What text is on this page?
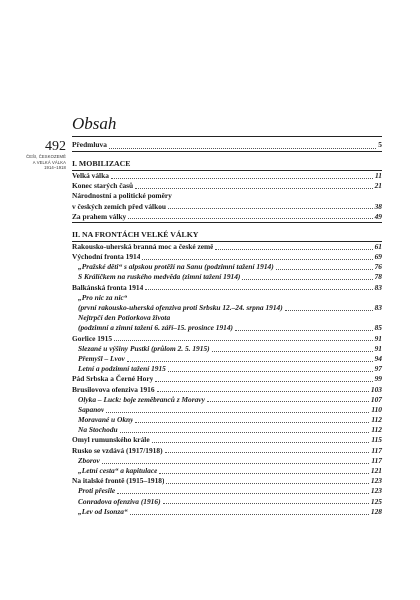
Obsah
492
ČEŠI, ČESKOZEMĚ
A VELKÁ VÁLKA
1914–1918
Předmluva	5
I. MOBILIZACE
Velká válka	11
Konec starých časů	21
Národnostní a politické poměry
v českých zemích před válkou	38
Za prahem války	49
II. NA FRONTÁCH VELKÉ VÁLKY
Rakousko-uherská branná moc a české země	61
Východní fronta 1914	69
„Pražské děti“ s alpskou protěží na Sanu (podzimní tažení 1914)	76
S Králíčkem na ruského medvěda (zimní tažení 1914)	78
Balkánská fronta 1914	83
„Pro nic za nic“
(první rakousko-uherská ofenziva proti Srbsku 12.–24. srpna 1914)	83
Nejtrpčí den Potiorkova života
(podzimní a zimní tažení 6. září–15. prosince 1914)	85
Gorlice 1915	91
Slezané u výšiny Pustki (průlom 2. 5. 1915)	91
Přemyšl – Lvov	94
Letní a podzimní tažení 1915	97
Pád Srbska a Černé Hory	99
Brusilovova ofenziva 1916	103
Olyka – Luck: boje zeměbranců z Moravy	107
Sapanov	110
Moravané u Okny	112
Na Stochodu	112
Omyl rumunského krále	115
Rusko se vzdává (1917/1918)	117
Zborov	117
„Letní cesta“ a kapitulace	121
Na italské frontě (1915–1918)	123
Proti přesile	123
Conradova ofenziva (1916)	125
„Lev od Isonza“	128
